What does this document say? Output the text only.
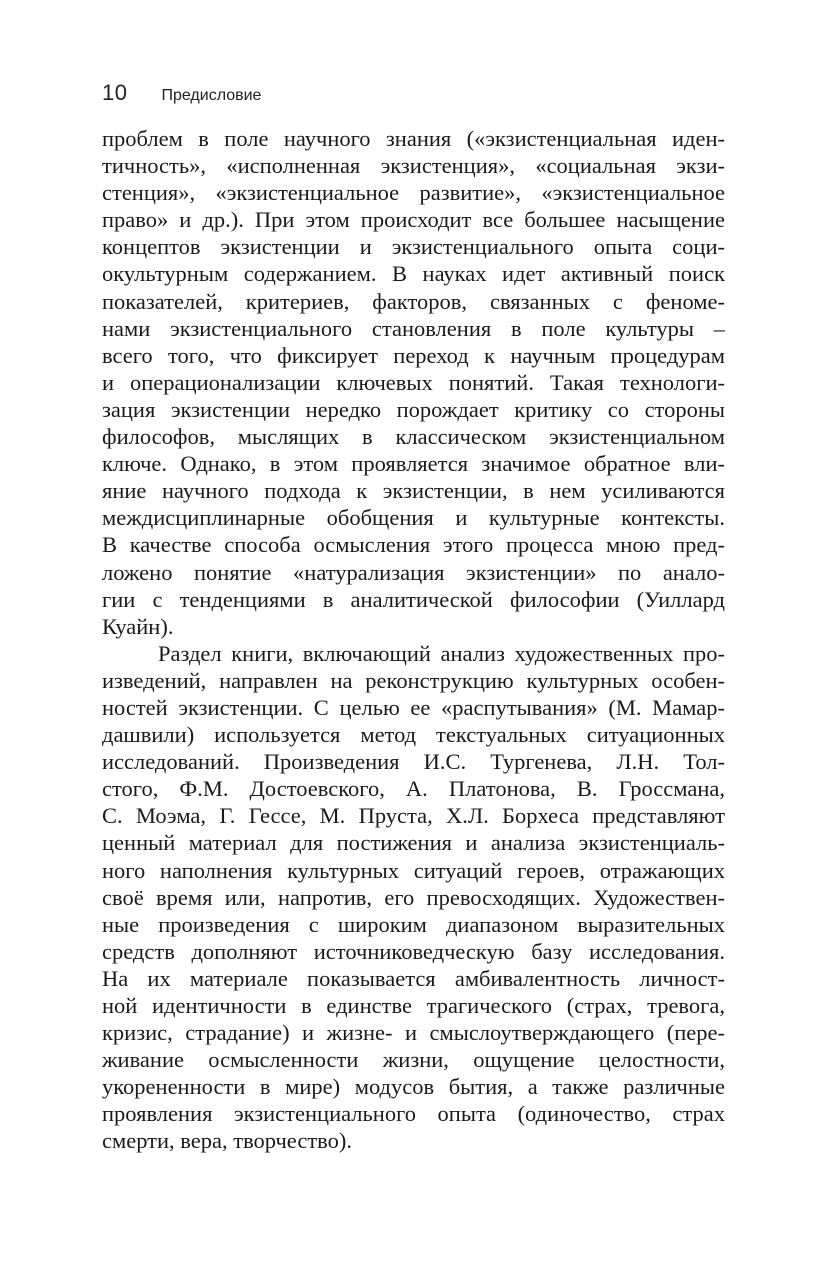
10 Предисловие
проблем в поле научного знания («экзистенциальная иден-
тичность», «исполненная экзистенция», «социальная экзи-
стенция», «экзистенциальное развитие», «экзистенциальное
право» и др.). При этом происходит все большее насыщение
концептов экзистенции и экзистенциального опыта соци-
окультурным содержанием. В науках идет активный поиск
показателей, критериев, факторов, связанных с феноме-
нами экзистенциального становления в поле культуры –
всего того, что фиксирует переход к научным процедурам
и операционализации ключевых понятий. Такая технологи-
зация экзистенции нередко порождает критику со стороны
философов, мыслящих в классическом экзистенциальном
ключе. Однако, в этом проявляется значимое обратное вли-
яние научного подхода к экзистенции, в нем усиливаются
междисциплинарные обобщения и культурные контексты.
В качестве способа осмысления этого процесса мною пред-
ложено понятие «натурализация экзистенции» по анало-
гии с тенденциями в аналитической философии (Уиллард
Куайн).
Раздел книги, включающий анализ художественных про-
изведений, направлен на реконструкцию культурных особен-
ностей экзистенции. С целью ее «распутывания» (М. Мамар-
дашвили) используется метод текстуальных ситуационных
исследований. Произведения И.С. Тургенева, Л.Н. Тол-
стого, Ф.М. Достоевского, А. Платонова, В. Гроссмана,
С. Моэма, Г. Гессе, М. Пруста, Х.Л. Борхеса представляют
ценный материал для постижения и анализа экзистенциаль-
ного наполнения культурных ситуаций героев, отражающих
своё время или, напротив, его превосходящих. Художествен-
ные произведения с широким диапазоном выразительных
средств дополняют источниковедческую базу исследования.
На их материале показывается амбивалентность личност-
ной идентичности в единстве трагического (страх, тревога,
кризис, страдание) и жизне- и смыслоутверждающего (пере-
живание осмысленности жизни, ощущение целостности,
укорененности в мире) модусов бытия, а также различные
проявления экзистенциального опыта (одиночество, страх
смерти, вера, творчество).
